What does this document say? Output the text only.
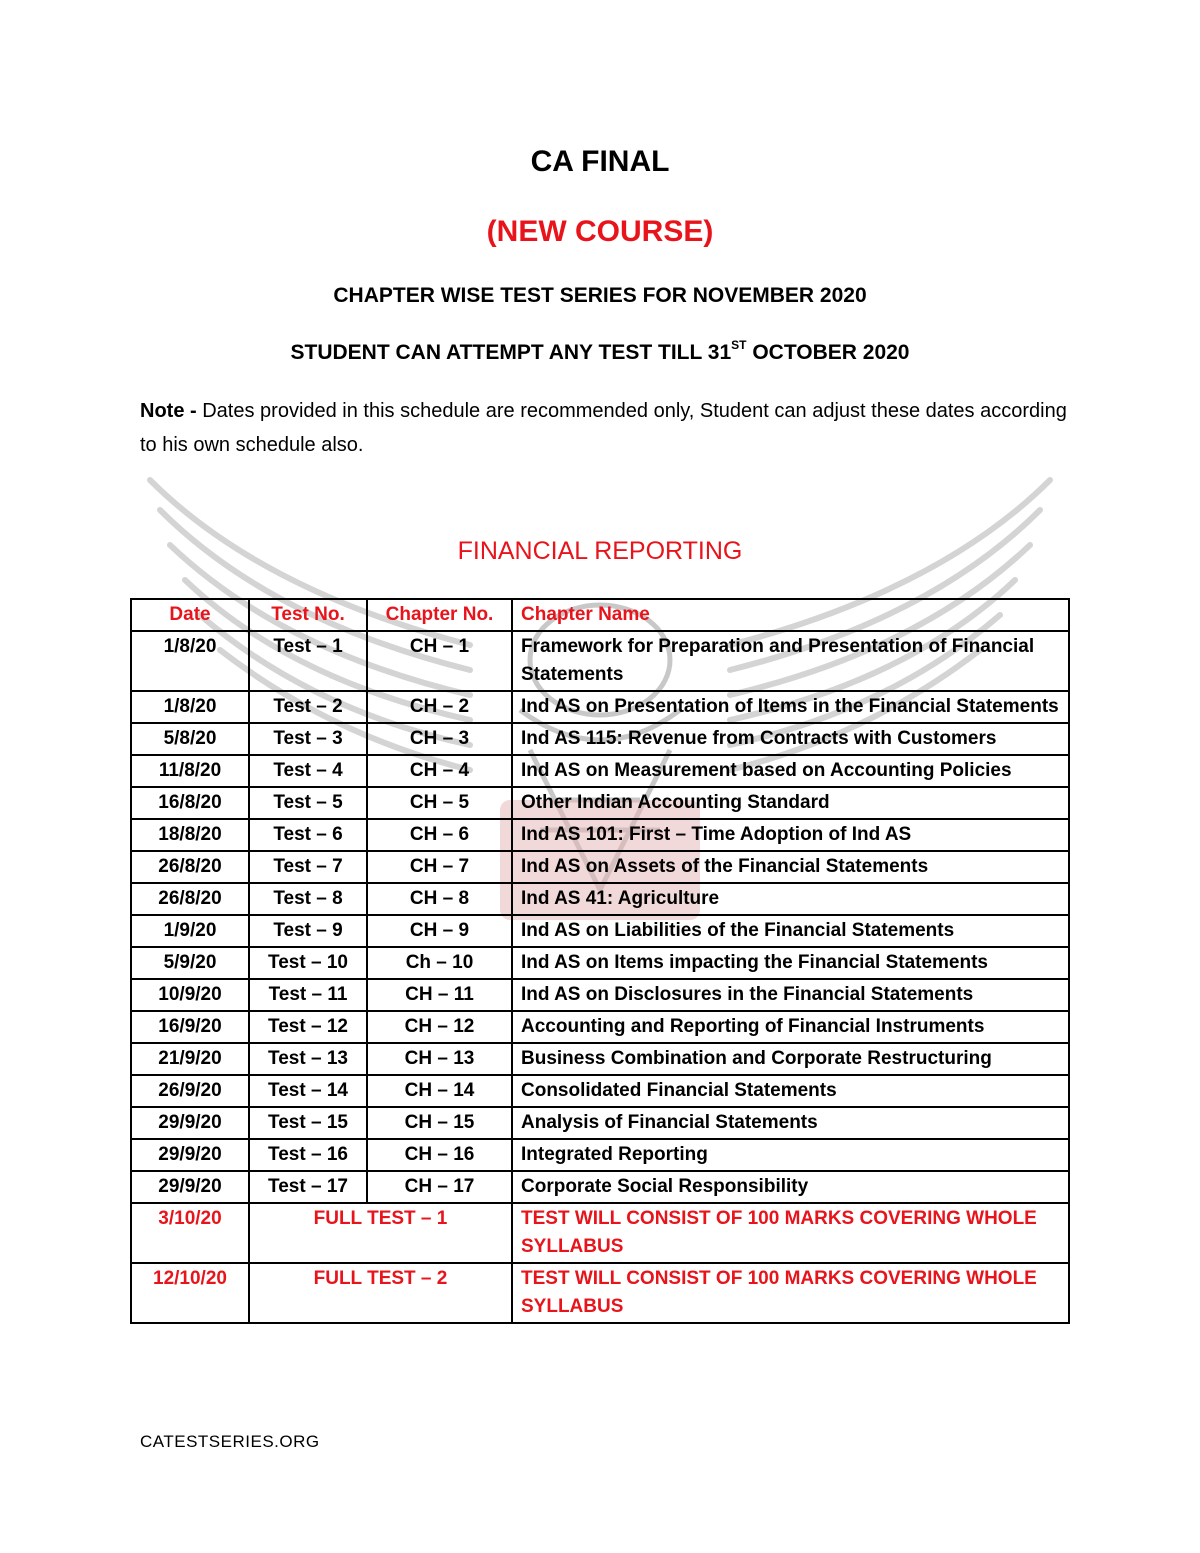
CA FINAL
(NEW COURSE)
CHAPTER WISE TEST SERIES FOR NOVEMBER 2020
STUDENT CAN ATTEMPT ANY TEST TILL 31ST OCTOBER 2020
Note - Dates provided in this schedule are recommended only, Student can adjust these dates according to his own schedule also.
FINANCIAL REPORTING
Date	Test No.	Chapter No.	Chapter Name
1/8/20	Test – 1	CH – 1	Framework for Preparation and Presentation of Financial Statements
1/8/20	Test – 2	CH – 2	Ind AS on Presentation of Items in the Financial Statements
5/8/20	Test – 3	CH – 3	Ind AS 115: Revenue from Contracts with Customers
11/8/20	Test – 4	CH – 4	Ind AS on Measurement based on Accounting Policies
16/8/20	Test – 5	CH – 5	Other Indian Accounting Standard
18/8/20	Test – 6	CH – 6	Ind AS 101: First – Time Adoption of Ind AS
26/8/20	Test – 7	CH – 7	Ind AS on Assets of the Financial Statements
26/8/20	Test – 8	CH – 8	Ind AS 41: Agriculture
1/9/20	Test – 9	CH – 9	Ind AS on Liabilities of the Financial Statements
5/9/20	Test – 10	Ch – 10	Ind AS on Items impacting the Financial Statements
10/9/20	Test – 11	CH – 11	Ind AS on Disclosures in the Financial Statements
16/9/20	Test – 12	CH – 12	Accounting and Reporting of Financial Instruments
21/9/20	Test – 13	CH – 13	Business Combination and Corporate Restructuring
26/9/20	Test – 14	CH – 14	Consolidated Financial Statements
29/9/20	Test – 15	CH – 15	Analysis of Financial Statements
29/9/20	Test – 16	CH – 16	Integrated Reporting
29/9/20	Test – 17	CH – 17	Corporate Social Responsibility
3/10/20	FULL TEST – 1		TEST WILL CONSIST OF 100 MARKS COVERING WHOLE SYLLABUS
12/10/20	FULL TEST – 2		TEST WILL CONSIST OF 100 MARKS COVERING WHOLE SYLLABUS
CATESTSERIES.ORG
